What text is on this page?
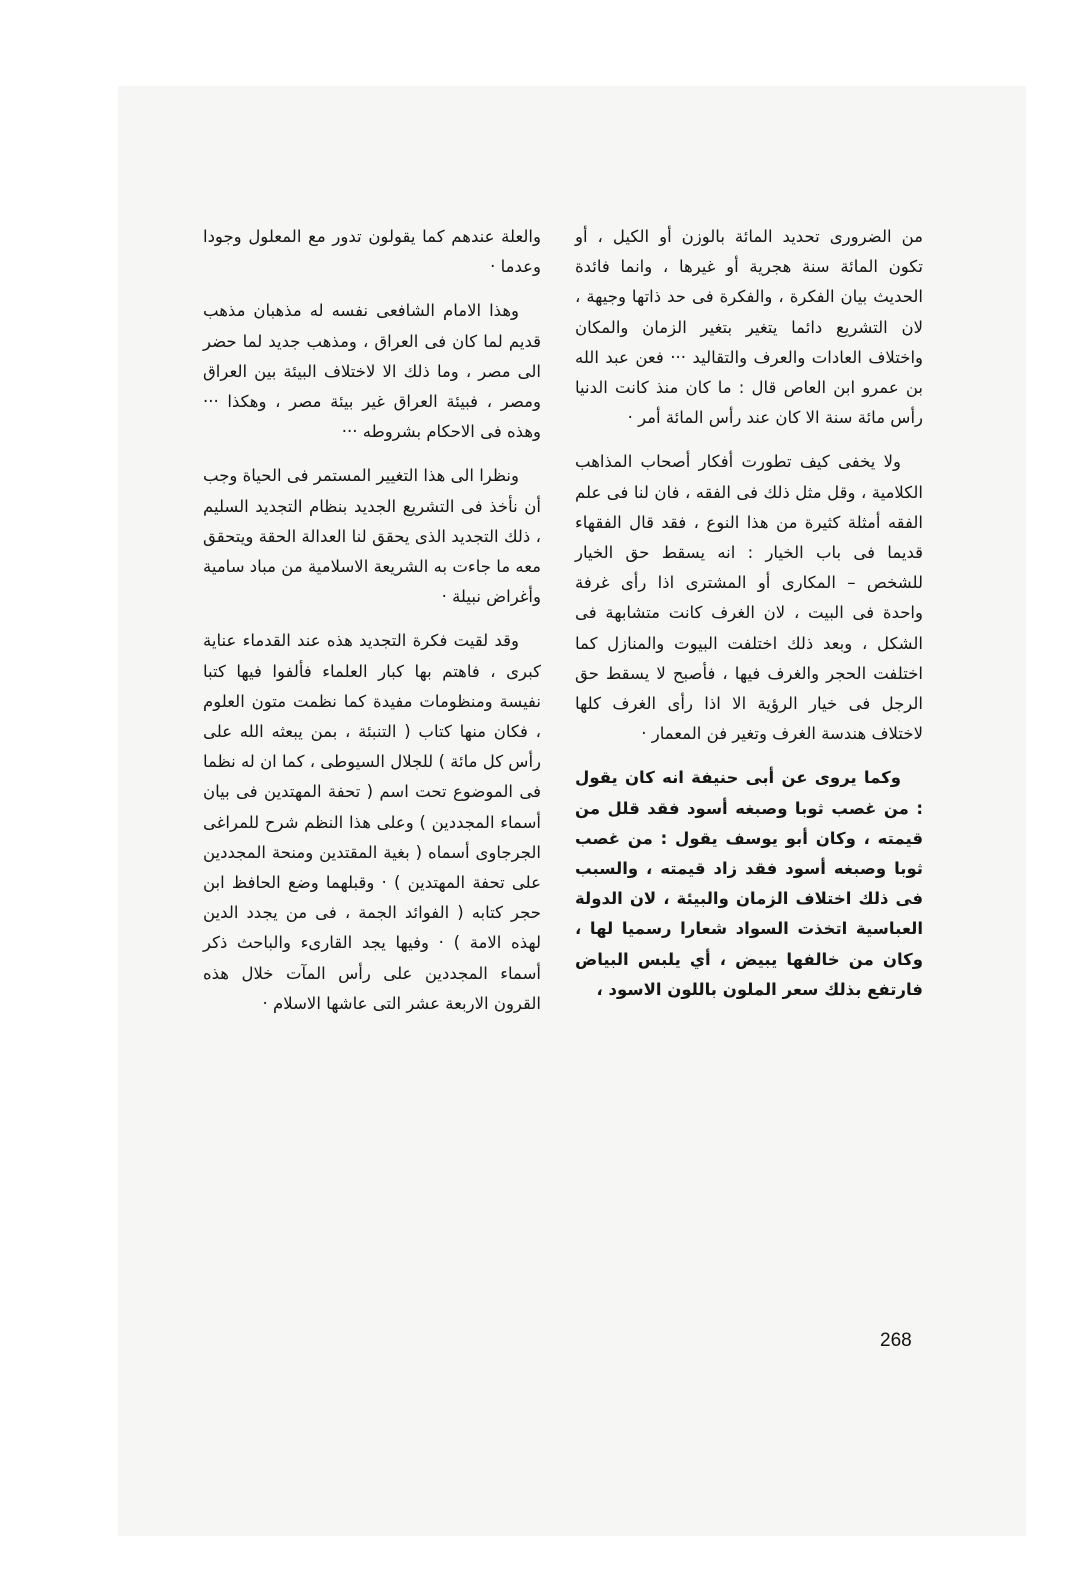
من الضرورى تحديد المائة بالوزن أو الكيل ، أو تكون المائة سنة هجرية أو غيرها ، وانما فائدة الحديث بيان الفكرة ، والفكرة فى حد ذاتها وجيهة ، لان التشريع دائما يتغير بتغير الزمان والمكان واختلاف العادات والعرف والتقاليد ··· فعن عبد الله بن عمرو ابن العاص قال : ما كان منذ كانت الدنيا رأس مائة سنة الا كان عند رأس المائة أمر ·

ولا يخفى كيف تطورت أفكار أصحاب المذاهب الكلامية ، وقل مثل ذلك فى الفقه ، فان لنا فى علم الفقه أمثلة كثيرة من هذا النوع ، فقد قال الفقهاء قديما فى باب الخيار : انه يسقط حق الخيار للشخص – المكارى أو المشترى اذا رأى غرفة واحدة فى البيت ، لان الغرف كانت متشابهة فى الشكل ، وبعد ذلك اختلفت البيوت والمنازل كما اختلفت الحجر والغرف فيها ، فأصبح لا يسقط حق الرجل فى خيار الرؤية الا اذا رأى الغرف كلها لاختلاف هندسة الغرف وتغير فن المعمار ·

وكما يروى عن أبى حنيفة انه كان يقول : من غصب ثوبا وصبغه أسود فقد قلل من قيمته ، وكان أبو يوسف يقول : من غصب ثوبا وصبغه أسود فقد زاد قيمته ، والسبب فى ذلك اختلاف الزمان والبيئة ، لان الدولة العباسية اتخذت السواد شعارا رسميا لها ، وكان من خالفها يبيض ، أي يلبس البياض فارتفع بذلك سعر الملون باللون الاسود ،

والعلة عندهم كما يقولون تدور مع المعلول وجودا وعدما ·

وهذا الامام الشافعى نفسه له مذهبان مذهب قديم لما كان فى العراق ، ومذهب جديد لما حضر الى مصر ، وما ذلك الا لاختلاف البيئة بين العراق ومصر ، فبيئة العراق غير بيئة مصر ، وهكذا ··· وهذه فى الاحكام بشروطه ···

ونظرا الى هذا التغيير المستمر فى الحياة وجب أن نأخذ فى التشريع الجديد بنظام التجديد السليم ، ذلك التجديد الذى يحقق لنا العدالة الحقة ويتحقق معه ما جاءت به الشريعة الاسلامية من مباد سامية وأغراض نبيلة ·

وقد لقيت فكرة التجديد هذه عند القدماء عناية كبرى ، فاهتم بها كبار العلماء فألفوا فيها كتبا نفيسة ومنظومات مفيدة كما نظمت متون العلوم ، فكان منها كتاب ( التنبئة ، بمن يبعثه الله على رأس كل مائة ) للجلال السيوطى ، كما ان له نظما فى الموضوع تحت اسم ( تحفة المهتدين فى بيان أسماء المجددين ) وعلى هذا النظم شرح للمراغى الجرجاوى أسماه ( بغية المقتدين ومنحة المجددين على تحفة المهتدين ) · وقبلهما وضع الحافظ ابن حجر كتابه ( الفوائد الجمة ، فى من يجدد الدين لهذه الامة ) · وفيها يجد القارىء والباحث ذكر أسماء المجددين على رأس المآت خلال هذه القرون الاربعة عشر التى عاشها الاسلام ·

268
